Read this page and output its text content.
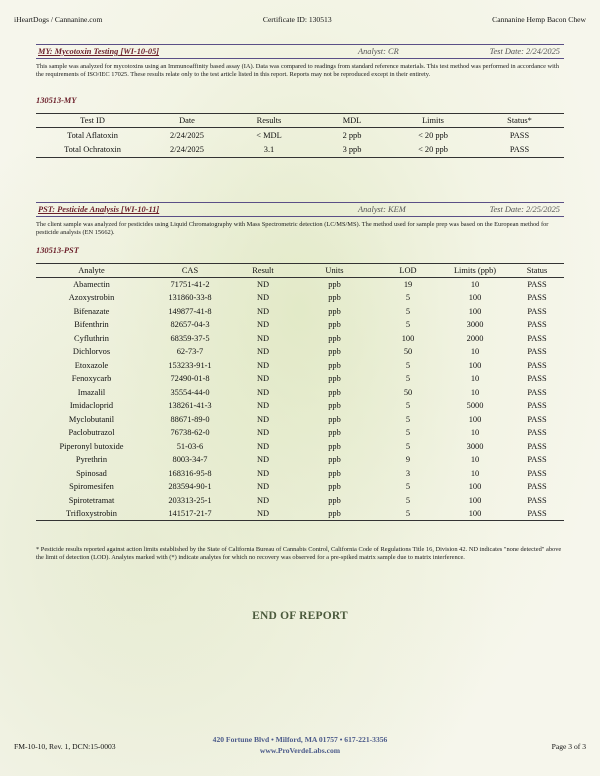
iHeartDogs / Cannanine.com	Certificate ID: 130513	Cannanine Hemp Bacon Chew
MY: Mycotoxin Testing [WI-10-05]	Analyst: CR	Test Date: 2/24/2025
This sample was analyzed for mycotoxins using an Immunoaffinity based assay (IA). Data was compared to readings from standard reference materials. This test method was performed in accordance with the requirements of ISO/IEC 17025. These results relate only to the test article listed in this report. Reports may not be reproduced except in their entirety.
130513-MY
Test ID	Date	Results	MDL	Limits	Status*
Total Aflatoxin	2/24/2025	< MDL	2 ppb	< 20 ppb	PASS
Total Ochratoxin	2/24/2025	3.1	3 ppb	< 20 ppb	PASS
PST: Pesticide Analysis [WI-10-11]	Analyst: KEM	Test Date: 2/25/2025
The client sample was analyzed for pesticides using Liquid Chromatography with Mass Spectrometric detection (LC/MS/MS). The method used for sample prep was based on the European method for pesticide analysis (EN 15662).
130513-PST
Analyte	CAS	Result	Units	LOD	Limits (ppb)	Status
Abamectin	71751-41-2	ND	ppb	19	10	PASS
Azoxystrobin	131860-33-8	ND	ppb	5	100	PASS
Bifenazate	149877-41-8	ND	ppb	5	100	PASS
Bifenthrin	82657-04-3	ND	ppb	5	3000	PASS
Cyfluthrin	68359-37-5	ND	ppb	100	2000	PASS
Dichlorvos	62-73-7	ND	ppb	50	10	PASS
Etoxazole	153233-91-1	ND	ppb	5	100	PASS
Fenoxycarb	72490-01-8	ND	ppb	5	10	PASS
Imazalil	35554-44-0	ND	ppb	50	10	PASS
Imidacloprid	138261-41-3	ND	ppb	5	5000	PASS
Myclobutanil	88671-89-0	ND	ppb	5	100	PASS
Paclobutrazol	76738-62-0	ND	ppb	5	10	PASS
Piperonyl butoxide	51-03-6	ND	ppb	5	3000	PASS
Pyrethrin	8003-34-7	ND	ppb	9	10	PASS
Spinosad	168316-95-8	ND	ppb	3	10	PASS
Spiromesifen	283594-90-1	ND	ppb	5	100	PASS
Spirotetramat	203313-25-1	ND	ppb	5	100	PASS
Trifloxystrobin	141517-21-7	ND	ppb	5	100	PASS
* Pesticide results reported against action limits established by the State of California Bureau of Cannabis Control, California Code of Regulations Title 16, Division 42. ND indicates "none detected" above the limit of detection (LOD). Analytes marked with (*) indicate analytes for which no recovery was observed for a pre-spiked matrix sample due to matrix interference.
END OF REPORT
FM-10-10, Rev. 1, DCN:15-0003
420 Fortune Blvd • Milford, MA 01757 • 617-221-3356
www.ProVerdeLabs.com	Page 3 of 3
